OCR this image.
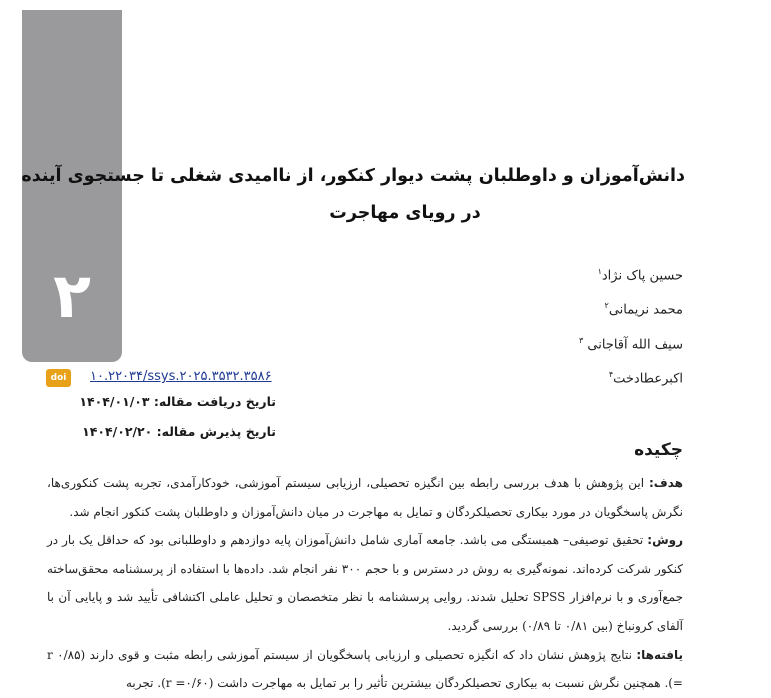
۲
دانش‌آموزان و داوطلبان پشت دیوار کنکور، از ناامیدی شغلی تا جستجوی آینده
در رویای مهاجرت
حسین پاک نژاد$^۱$
محمد نریمانی$^۲$
سیف الله آقاجانی $^۳$
اکبرعطادخت$^۴$
doi	۱۰.۲۲۰۳۴/ssys.۲۰۲۵.۳۵۳۲.۳۵۸۶
تاریخ دریافت مقاله: ۱۴۰۴/۰۱/۰۳
تاریخ پذیرش مقاله: ۱۴۰۴/۰۲/۲۰
چکیده

هدف: این پژوهش با هدف بررسی رابطه بین انگیزه تحصیلی، ارزیابی سیستم آموزشی، خودکارآمدی، تجربه پشت کنکوری‌ها، نگرش پاسخگویان در مورد بیکاری تحصیلکردگان و تمایل به مهاجرت در میان دانش‌آموزان و داوطلبان پشت کنکور انجام شد.

روش: تحقیق توصیفی– همبستگی می باشد. جامعه آماری شامل دانش‌آموزان پایه دوازدهم و داوطلبانی بود که حداقل یک بار در کنکور شرکت کرده‌اند. نمونه‌گیری به روش در دسترس و با حجم ۳۰۰ نفر انجام شد. داده‌ها با استفاده از پرسشنامه محقق‌ساخته جمع‌آوری و با نرم‌افزار SPSS تحلیل شدند. روایی پرسشنامه با نظر متخصصان و تحلیل عاملی اکتشافی تأیید شد و پایایی آن با آلفای کرونباخ (بین ۰/۸۱ تا ۰/۸۹) بررسی گردید.

یافته‌ها: نتایج پژوهش نشان داد که انگیزه تحصیلی و ارزیابی پاسخگویان از سیستم آموزشی رابطه مثبت و قوی دارند (r ۰/۸۵ =). همچنین نگرش نسبت به بیکاری تحصیلکردگان بیشترین تأثیر را بر تمایل به مهاجرت داشت (r =۰/۶۰). تجربه
